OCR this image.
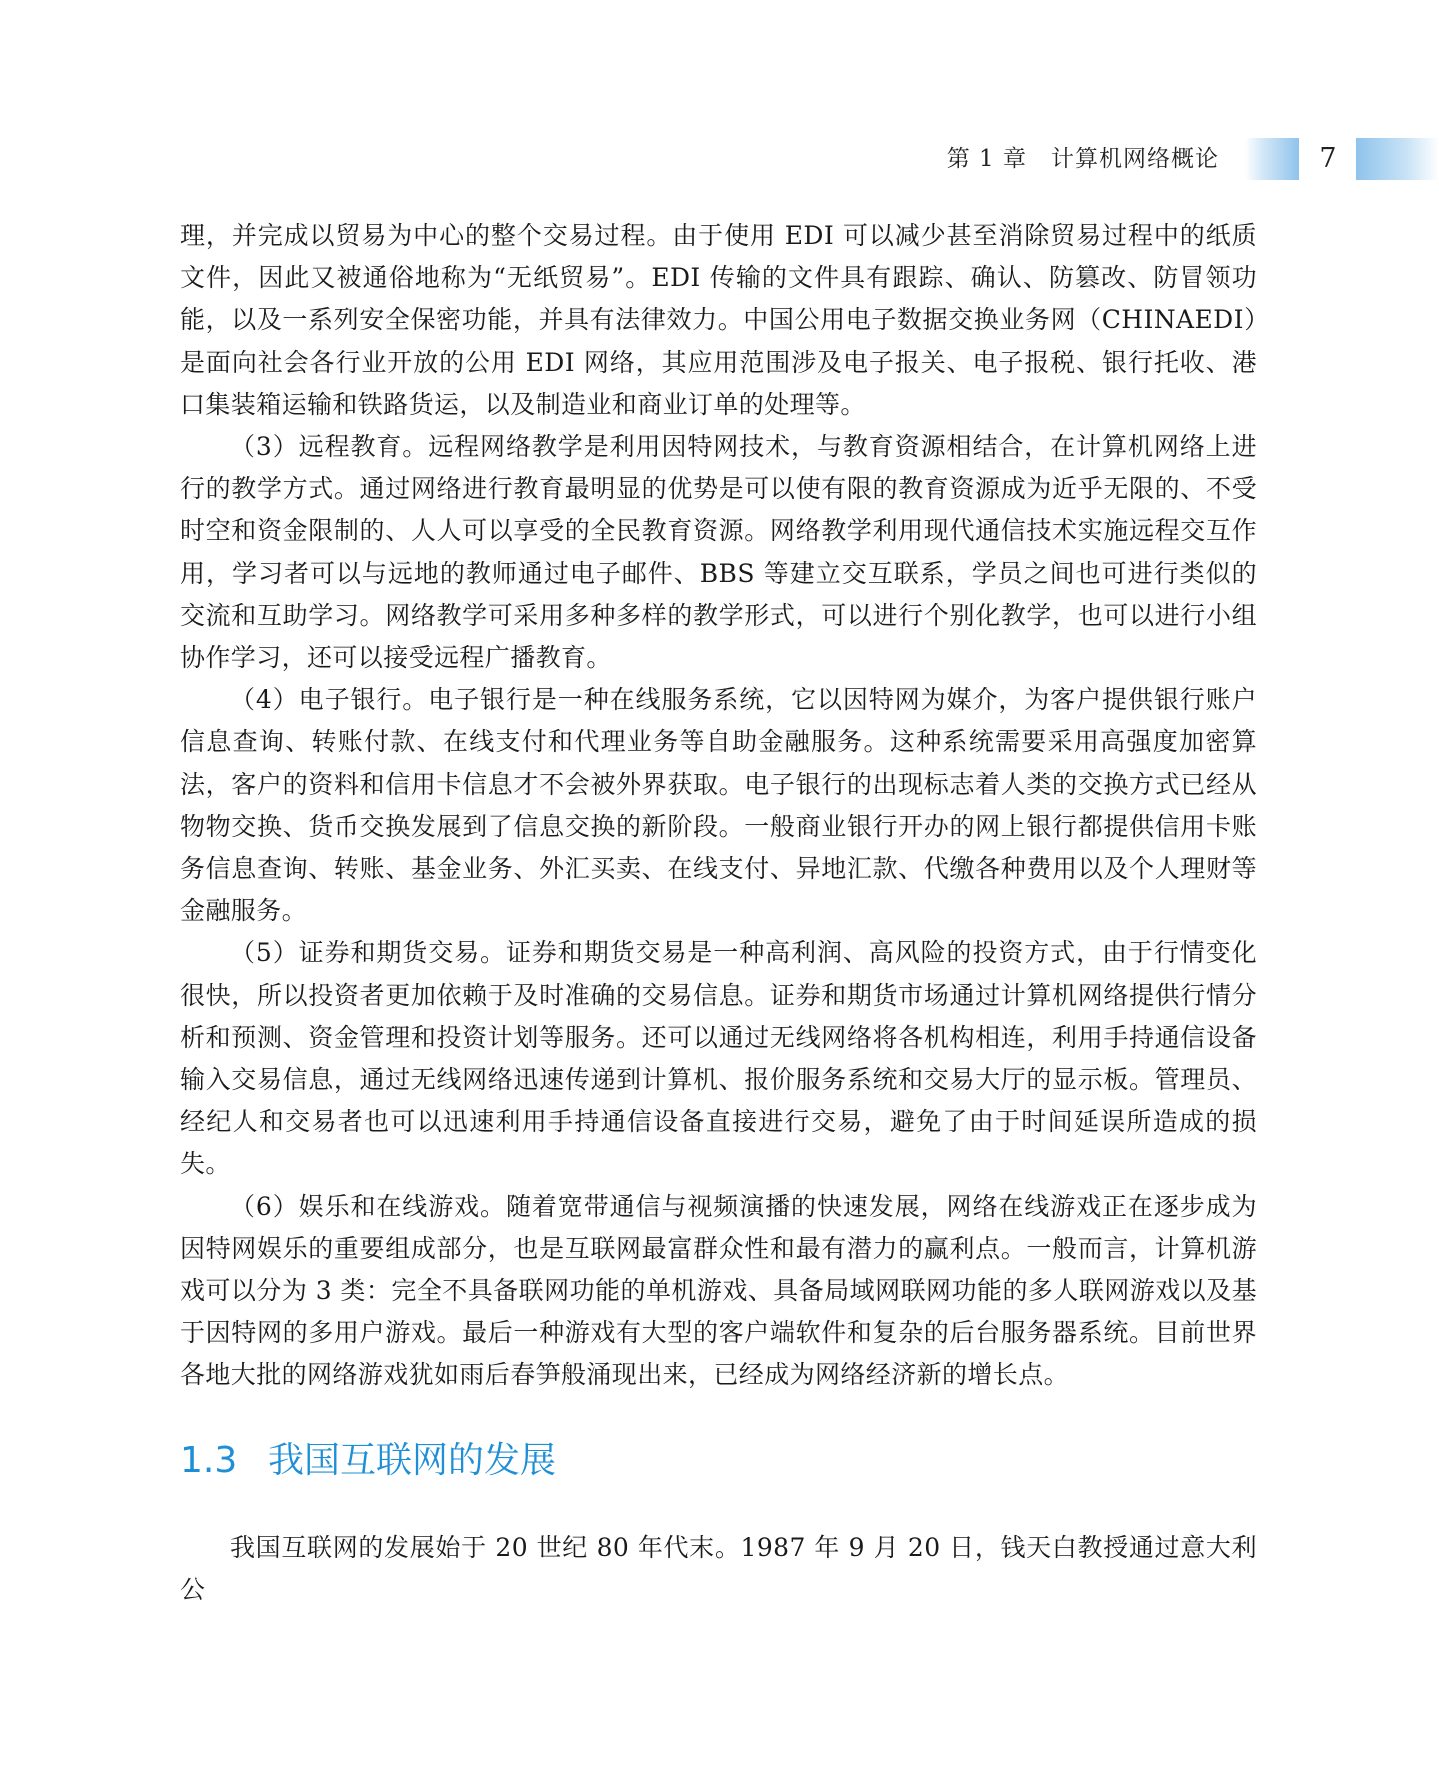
第 1 章　计算机网络概论	7

理，并完成以贸易为中心的整个交易过程。由于使用 EDI 可以减少甚至消除贸易过程中的纸质文件，因此又被通俗地称为“无纸贸易”。EDI 传输的文件具有跟踪、确认、防篡改、防冒领功能，以及一系列安全保密功能，并具有法律效力。中国公用电子数据交换业务网（CHINAEDI）是面向社会各行业开放的公用 EDI 网络，其应用范围涉及电子报关、电子报税、银行托收、港口集装箱运输和铁路货运，以及制造业和商业订单的处理等。

（3）远程教育。远程网络教学是利用因特网技术，与教育资源相结合，在计算机网络上进行的教学方式。通过网络进行教育最明显的优势是可以使有限的教育资源成为近乎无限的、不受时空和资金限制的、人人可以享受的全民教育资源。网络教学利用现代通信技术实施远程交互作用，学习者可以与远地的教师通过电子邮件、BBS 等建立交互联系，学员之间也可进行类似的交流和互助学习。网络教学可采用多种多样的教学形式，可以进行个别化教学，也可以进行小组协作学习，还可以接受远程广播教育。

（4）电子银行。电子银行是一种在线服务系统，它以因特网为媒介，为客户提供银行账户信息查询、转账付款、在线支付和代理业务等自助金融服务。这种系统需要采用高强度加密算法，客户的资料和信用卡信息才不会被外界获取。电子银行的出现标志着人类的交换方式已经从物物交换、货币交换发展到了信息交换的新阶段。一般商业银行开办的网上银行都提供信用卡账务信息查询、转账、基金业务、外汇买卖、在线支付、异地汇款、代缴各种费用以及个人理财等金融服务。

（5）证券和期货交易。证券和期货交易是一种高利润、高风险的投资方式，由于行情变化很快，所以投资者更加依赖于及时准确的交易信息。证券和期货市场通过计算机网络提供行情分析和预测、资金管理和投资计划等服务。还可以通过无线网络将各机构相连，利用手持通信设备输入交易信息，通过无线网络迅速传递到计算机、报价服务系统和交易大厅的显示板。管理员、经纪人和交易者也可以迅速利用手持通信设备直接进行交易，避免了由于时间延误所造成的损失。

（6）娱乐和在线游戏。随着宽带通信与视频演播的快速发展，网络在线游戏正在逐步成为因特网娱乐的重要组成部分，也是互联网最富群众性和最有潜力的赢利点。一般而言，计算机游戏可以分为 3 类：完全不具备联网功能的单机游戏、具备局域网联网功能的多人联网游戏以及基于因特网的多用户游戏。最后一种游戏有大型的客户端软件和复杂的后台服务器系统。目前世界各地大批的网络游戏犹如雨后春笋般涌现出来，已经成为网络经济新的增长点。

1.3 我国互联网的发展

我国互联网的发展始于 20 世纪 80 年代末。1987 年 9 月 20 日，钱天白教授通过意大利公
